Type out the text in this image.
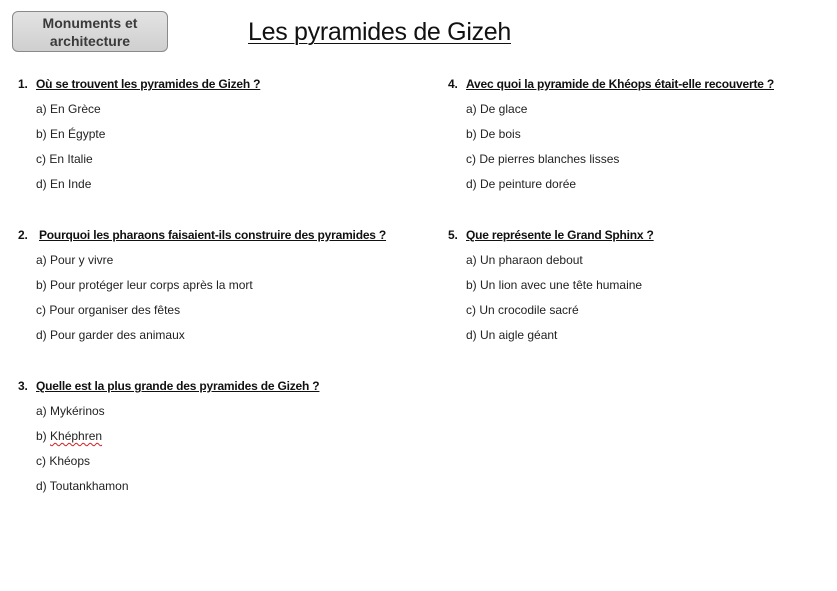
Monuments et
architecture	Les pyramides de Gizeh
1. Où se trouvent les pyramides de Gizeh ?
a) En Grèce
b) En Égypte
c) En Italie
d) En Inde
2. Pourquoi les pharaons faisaient-ils construire des pyramides ?
a) Pour y vivre
b) Pour protéger leur corps après la mort
c) Pour organiser des fêtes
d) Pour garder des animaux
3. Quelle est la plus grande des pyramides de Gizeh ?
a) Mykérinos
b) Khéphren
c) Khéops
d) Toutankhamon
4. Avec quoi la pyramide de Khéops était-elle recouverte ?
a) De glace
b) De bois
c) De pierres blanches lisses
d) De peinture dorée
5. Que représente le Grand Sphinx ?
a) Un pharaon debout
b) Un lion avec une tête humaine
c) Un crocodile sacré
d) Un aigle géant
